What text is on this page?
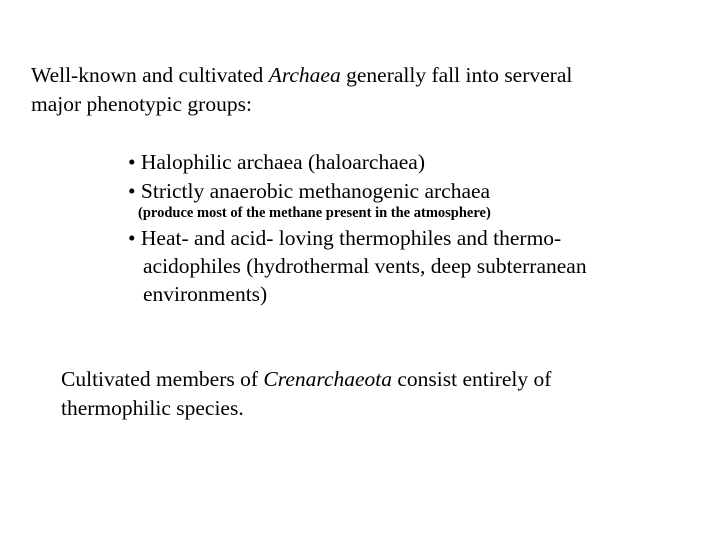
Well-known and cultivated Archaea generally fall into serveral
major phenotypic groups:
• Halophilic archaea (haloarchaea)
• Strictly anaerobic methanogenic archaea
(produce most of the methane present in the atmosphere)
• Heat- and acid- loving thermophiles and thermo-
acidophiles (hydrothermal vents, deep subterranean
environments)
Cultivated members of Crenarchaeota consist entirely of
thermophilic species.
